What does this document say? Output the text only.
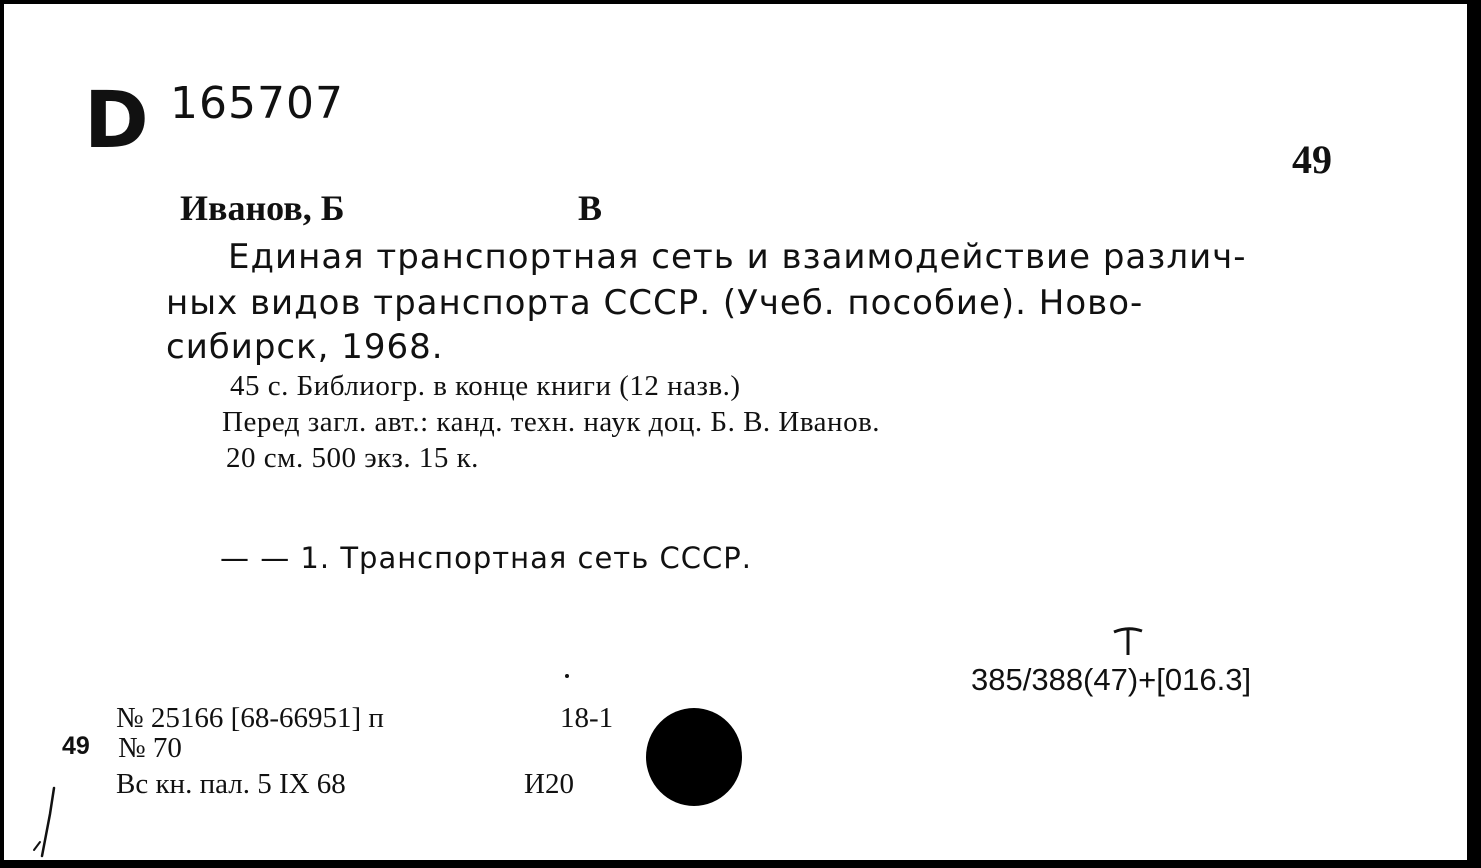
D 165707
49
Иванов, Б	В
Единая транспортная сеть и взаимодействие различ-
ных видов транспорта СССР. (Учеб. пособие). Ново-
сибирск, 1968.
45 с. Библиогр. в конце книги (12 назв.)
Перед загл. авт.: канд. техн. наук доц. Б. В. Иванов.
20 см. 500 экз. 15 к.
— — 1. Транспортная сеть СССР.
385/388(47)+[016.3]
№ 25166 [68-66951] п	18-1
49 № 70
Вс кн. пал. 5 IX 68	И20
